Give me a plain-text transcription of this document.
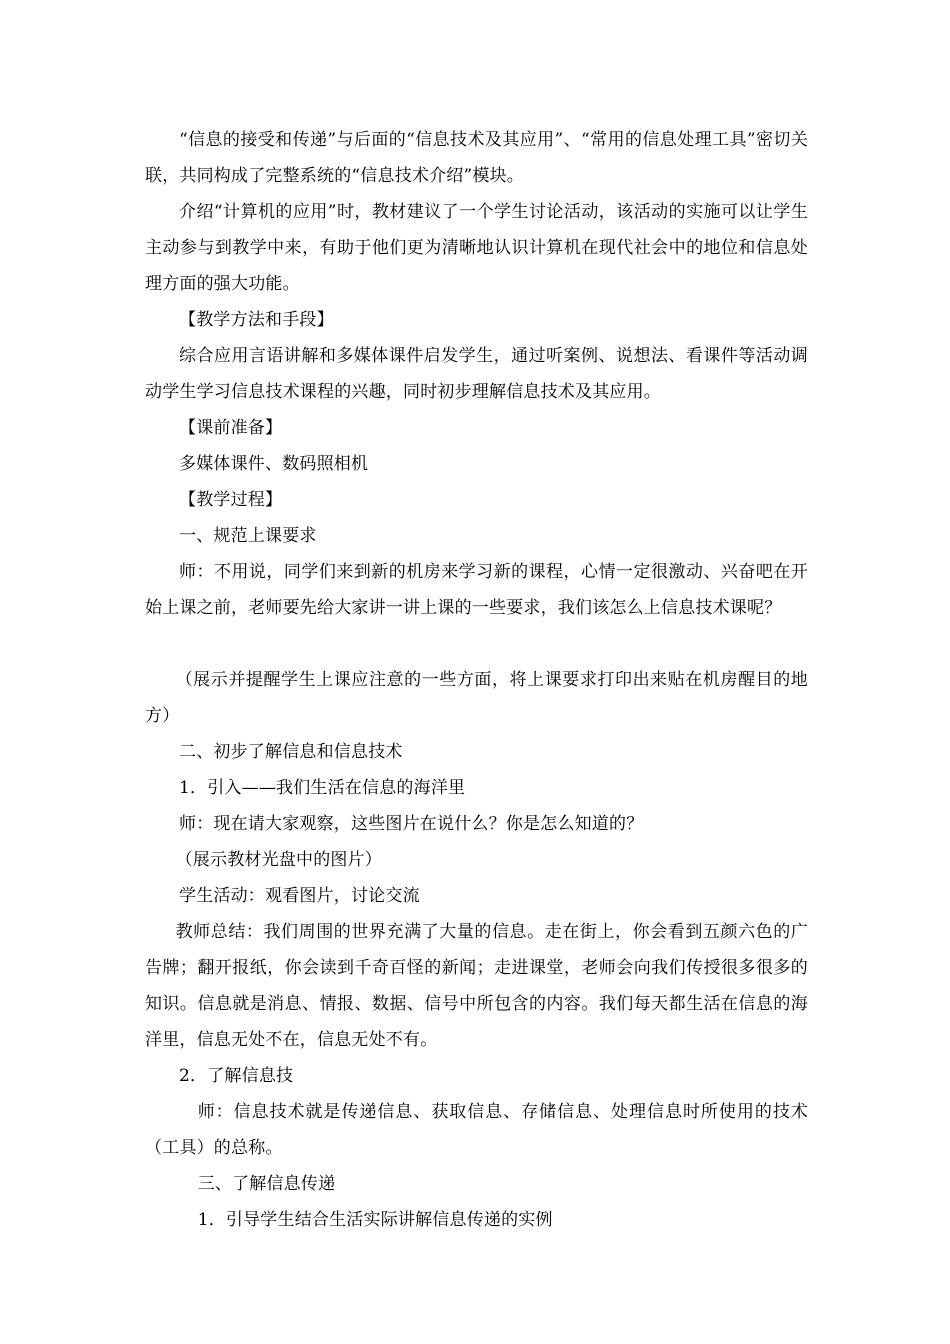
“信息的接受和传递”与后面的“信息技术及其应用”、“常用的信息处理工具”密切关联，共同构成了完整系统的“信息技术介绍”模块。

介绍“计算机的应用”时，教材建议了一个学生讨论活动，该活动的实施可以让学生主动参与到教学中来，有助于他们更为清晰地认识计算机在现代社会中的地位和信息处理方面的强大功能。

【教学方法和手段】

综合应用言语讲解和多媒体课件启发学生，通过听案例、说想法、看课件等活动调动学生学习信息技术课程的兴趣，同时初步理解信息技术及其应用。

【课前准备】

多媒体课件、数码照相机

【教学过程】

一、规范上课要求

师：不用说，同学们来到新的机房来学习新的课程，心情一定很激动、兴奋吧在开始上课之前，老师要先给大家讲一讲上课的一些要求，我们该怎么上信息技术课呢？

（展示并提醒学生上课应注意的一些方面，将上课要求打印出来贴在机房醒目的地方）

二、初步了解信息和信息技术

1．引入——我们生活在信息的海洋里

师：现在请大家观察，这些图片在说什么？你是怎么知道的？

（展示教材光盘中的图片）

学生活动：观看图片，讨论交流

教师总结：我们周围的世界充满了大量的信息。走在街上，你会看到五颜六色的广告牌；翻开报纸，你会读到千奇百怪的新闻；走进课堂，老师会向我们传授很多很多的知识。信息就是消息、情报、数据、信号中所包含的内容。我们每天都生活在信息的海洋里，信息无处不在，信息无处不有。

2．了解信息技

师：信息技术就是传递信息、获取信息、存储信息、处理信息时所使用的技术（工具）的总称。

三、了解信息传递

1．引导学生结合生活实际讲解信息传递的实例
